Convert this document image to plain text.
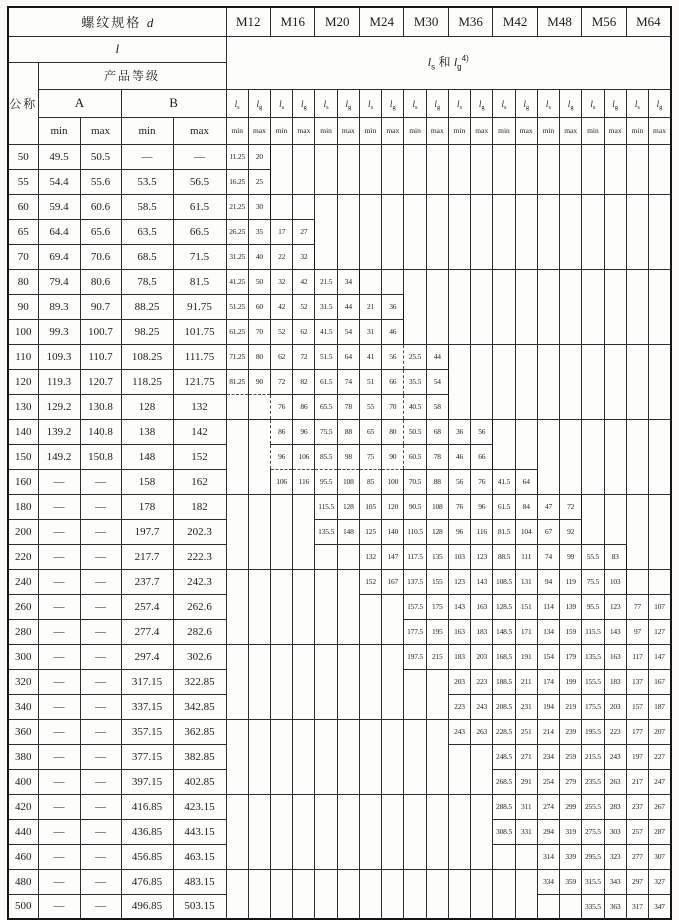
螺纹规格 d					M12		M16		M20		M24		M30		M36		M42		M48		M56		M64	
l					$l_s$ 和 $l_g^{4)}$
公称	产品等级																							
	A		B		$l_s$	$l_g$	$l_s$	$l_g$	$l_s$	$l_g$	$l_s$	$l_g$	$l_s$	$l_g$	$l_s$	$l_g$	$l_s$	$l_g$	$l_s$	$l_g$	$l_s$	$l_g$	$l_s$	$l_g$
	min	max	min	max	min	max	min	max	min	max	min	max	min	max	min	max	min	max	min	max	min	max	min	max
50	49.5	50.5	—	—	11.25	20																		
55	54.4	55.6	53.5	56.5	16.25	25																		
60	59.4	60.6	58.5	61.5	21.25	30																		
65	64.4	65.6	63.5	66.5	26.25	35	17	27																
70	69.4	70.6	68.5	71.5	31.25	40	22	32																
80	79.4	80.6	78.5	81.5	41.25	50	32	42	21.5	34														
90	89.3	90.7	88.25	91.75	51.25	60	42	52	31.5	44	21	36												
100	99.3	100.7	98.25	101.75	61.25	70	52	62	41.5	54	31	46												
110	109.3	110.7	108.25	111.75	71.25	80	62	72	51.5	64	41	56	25.5	44										
120	119.3	120.7	118.25	121.75	81.25	90	72	82	61.5	74	51	66	35.5	54										
130	129.2	130.8	128	132			76	86	65.5	78	55	70	40.5	58										
140	139.2	140.8	138	142			86	96	75.5	88	65	80	50.5	68	36	56								
150	149.2	150.8	148	152			96	106	85.5	98	75	90	60.5	78	46	66								
160	—	—	158	162			106	116	95.5	108	85	100	70.5	88	56	76	41.5	64						
180	—	—	178	182					115.5	128	105	120	90.5	108	76	96	61.5	84	47	72				
200	—	—	197.7	202.3					135.5	148	125	140	110.5	128	96	116	81.5	104	67	92				
220	—	—	217.7	222.3							132	147	117.5	135	103	123	88.5	111	74	99	55.5	83		
240	—	—	237.7	242.3							152	167	137.5	155	123	143	108.5	131	94	119	75.5	103		
260	—	—	257.4	262.6									157.5	175	143	163	128.5	151	114	139	95.5	123	77	107
280	—	—	277.4	282.6									177.5	195	163	183	148.5	171	134	159	115.5	143	97	127
300	—	—	297.4	302.6									197.5	215	183	203	168.5	191	154	179	135.5	163	117	147
320	—	—	317.15	322.85											203	223	188.5	211	174	199	155.5	183	137	167
340	—	—	337.15	342.85											223	243	208.5	231	194	219	175.5	203	157	187
360	—	—	357.15	362.85											243	263	228.5	251	214	239	195.5	223	177	207
380	—	—	377.15	382.85													248.5	271	234	259	215.5	243	197	227
400	—	—	397.15	402.85													268.5	291	254	279	235.5	263	217	247
420	—	—	416.85	423.15													288.5	311	274	299	255.5	283	237	267
440	—	—	436.85	443.15													308.5	331	294	319	275.5	303	257	287
460	—	—	456.85	463.15															314	339	295.5	323	277	307
480	—	—	476.85	483.15															334	359	315.5	343	297	327
500	—	—	496.85	503.15																	335.5	363	317	347
